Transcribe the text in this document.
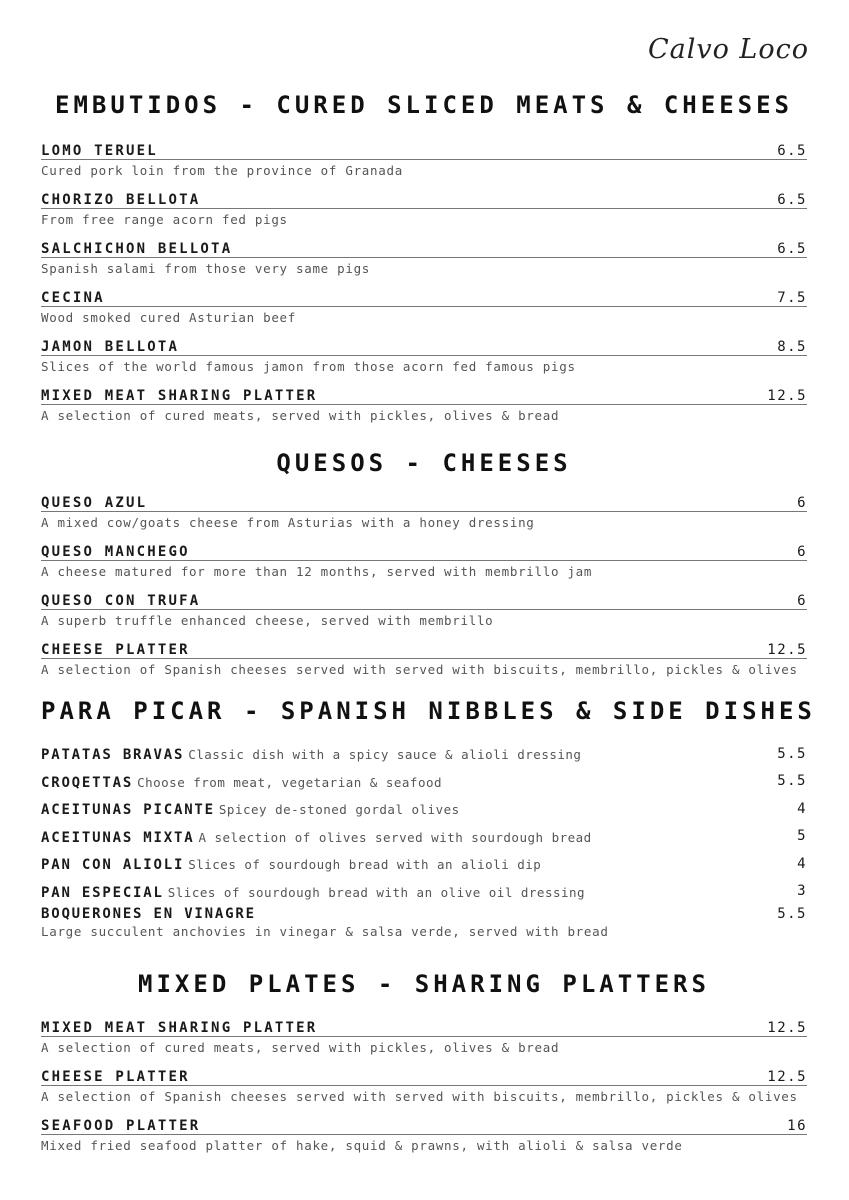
Calvo Loco
EMBUTIDOS - CURED SLICED MEATS & CHEESES
LOMO TERUEL	6.5
Cured pork loin from the province of Granada
CHORIZO BELLOTA	6.5
From free range acorn fed pigs
SALCHICHON BELLOTA	6.5
Spanish salami from those very same pigs
CECINA	7.5
Wood smoked cured Asturian beef
JAMON BELLOTA	8.5
Slices of the world famous jamon from those acorn fed famous pigs
MIXED MEAT SHARING PLATTER	12.5
A selection of cured meats, served with pickles, olives & bread
QUESOS - CHEESES
QUESO AZUL	6
A mixed cow/goats cheese from Asturias with a honey dressing
QUESO MANCHEGO	6
A cheese matured for more than 12 months, served with membrillo jam
QUESO CON TRUFA	6
A superb truffle enhanced cheese, served with membrillo
CHEESE PLATTER	12.5
A selection of Spanish cheeses served with served with biscuits, membrillo, pickles & olives
PARA PICAR - SPANISH NIBBLES & SIDE DISHES
PATATAS BRAVAS Classic dish with a spicy sauce & alioli dressing	5.5
CROQETTAS Choose from meat, vegetarian & seafood	5.5
ACEITUNAS PICANTE Spicey de-stoned gordal olives	4
ACEITUNAS MIXTA A selection of olives served with sourdough bread	5
PAN CON ALIOLI Slices of sourdough bread with an alioli dip	4
PAN ESPECIAL Slices of sourdough bread with an olive oil dressing	3
BOQUERONES EN VINAGRE	5.5
Large succulent anchovies in vinegar & salsa verde, served with bread
MIXED PLATES - SHARING PLATTERS
MIXED MEAT SHARING PLATTER	12.5
A selection of cured meats, served with pickles, olives & bread
CHEESE PLATTER	12.5
A selection of Spanish cheeses served with served with biscuits, membrillo, pickles & olives
SEAFOOD PLATTER	16
Mixed fried seafood platter of hake, squid & prawns, with alioli & salsa verde
